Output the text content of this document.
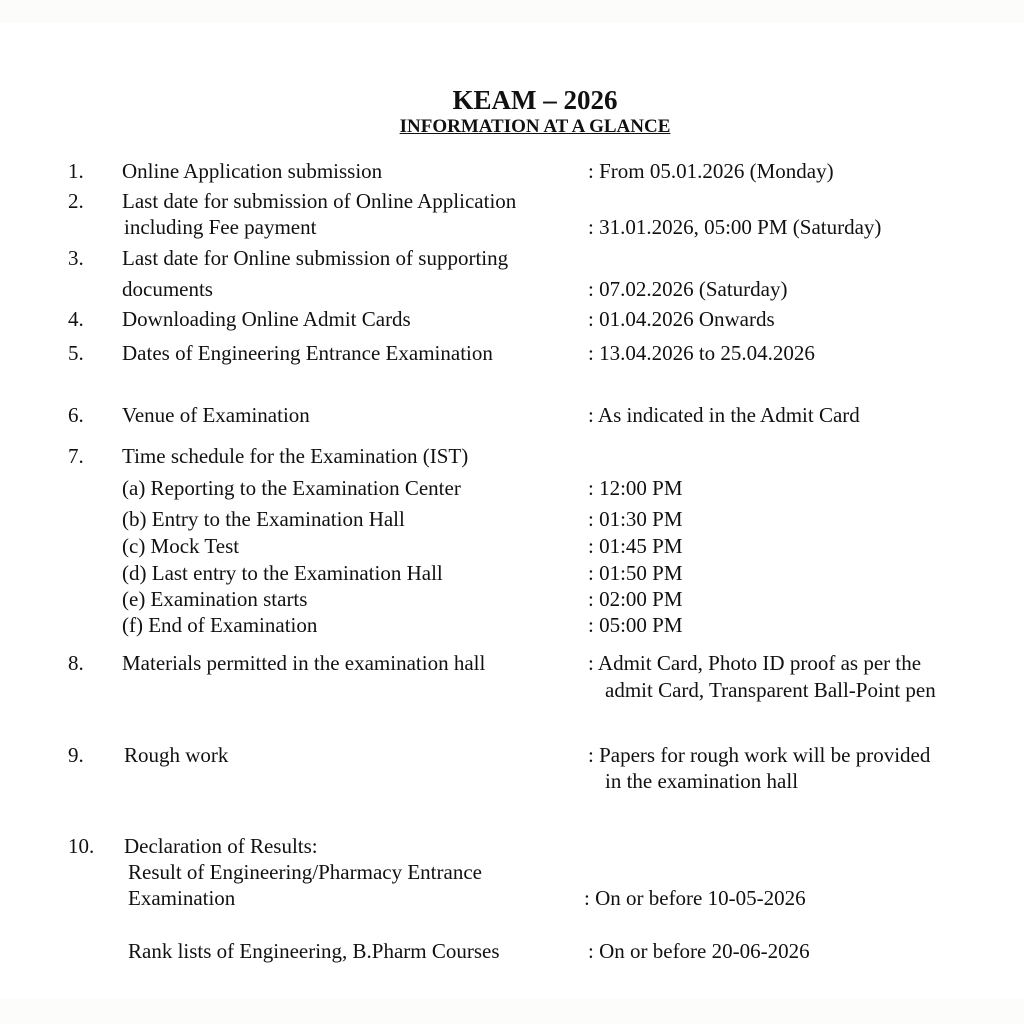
KEAM – 2026
INFORMATION AT A GLANCE
1. Online Application submission	: From 05.01.2026 (Monday)
2. Last date for submission of Online Application
including Fee payment	: 31.01.2026, 05:00 PM (Saturday)
3. Last date for Online submission of supporting
documents	: 07.02.2026 (Saturday)
4. Downloading Online Admit Cards	: 01.04.2026 Onwards
5. Dates of Engineering Entrance Examination	: 13.04.2026 to 25.04.2026
6. Venue of Examination	: As indicated in the Admit Card
7. Time schedule for the Examination (IST)
(a) Reporting to the Examination Center	: 12:00 PM
(b) Entry to the Examination Hall	: 01:30 PM
(c) Mock Test	: 01:45 PM
(d) Last entry to the Examination Hall	: 01:50 PM
(e) Examination starts	: 02:00 PM
(f) End of Examination	: 05:00 PM
8. Materials permitted in the examination hall	: Admit Card, Photo ID proof as per the
admit Card, Transparent Ball-Point pen
9. Rough work	: Papers for rough work will be provided
in the examination hall
10. Declaration of Results:
Result of Engineering/Pharmacy Entrance
Examination	: On or before 10-05-2026
Rank lists of Engineering, B.Pharm Courses	: On or before 20-06-2026
